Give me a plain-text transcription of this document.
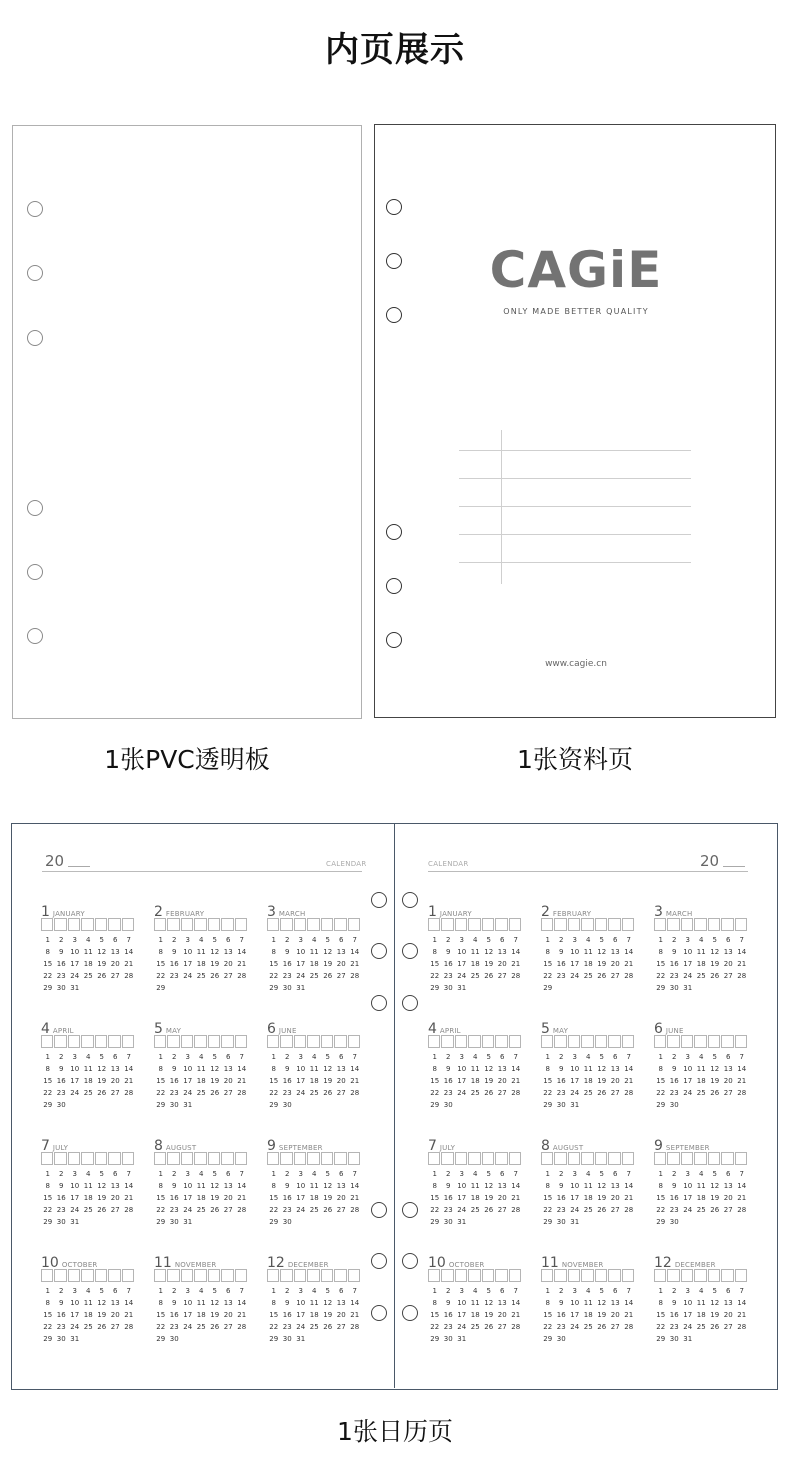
内页展示
1张PVC透明板
CAGiE
ONLY MADE BETTER QUALITY
www.cagie.cn
1张资料页
20	CALENDAR	CALENDAR	20
1 JANUARY
1	2	3	4	5	6	7
8	9 10 11 12 13 14
15 16 17 18 19 20 21
22 23 24 25 26 27 28
29 30 31
2 FEBRUARY
1	2	3	4	5	6	7
8	9 10 11 12 13 14
15 16 17 18 19 20 21
22 23 24 25 26 27 28
29
3 MARCH
1	2	3	4	5	6	7
8	9 10 11 12 13 14
15 16 17 18 19 20 21
22 23 24 25 26 27 28
29 30 31
4 APRIL
1	2	3	4	5	6	7
8	9 10 11 12 13 14
15 16 17 18 19 20 21
22 23 24 25 26 27 28
29 30
5 MAY
1	2	3	4	5	6	7
8	9 10 11 12 13 14
15 16 17 18 19 20 21
22 23 24 25 26 27 28
29 30 31
6 JUNE
1	2	3	4	5	6	7
8	9 10 11 12 13 14
15 16 17 18 19 20 21
22 23 24 25 26 27 28
29 30
7 JULY
1	2	3	4	5	6	7
8	9 10 11 12 13 14
15 16 17 18 19 20 21
22 23 24 25 26 27 28
29 30 31
8 AUGUST
1	2	3	4	5	6	7
8	9 10 11 12 13 14
15 16 17 18 19 20 21
22 23 24 25 26 27 28
29 30 31
9 SEPTEMBER
1	2	3	4	5	6	7
8	9 10 11 12 13 14
15 16 17 18 19 20 21
22 23 24 25 26 27 28
29 30
10 OCTOBER
1	2	3	4	5	6	7
8	9 10 11 12 13 14
15 16 17 18 19 20 21
22 23 24 25 26 27 28
29 30 31
11 NOVEMBER
1	2	3	4	5	6	7
8	9 10 11 12 13 14
15 16 17 18 19 20 21
22 23 24 25 26 27 28
29 30
12 DECEMBER
1	2	3	4	5	6	7
8	9 10 11 12 13 14
15 16 17 18 19 20 21
22 23 24 25 26 27 28
29 30 31
1 JANUARY
1	2	3	4	5	6	7
8	9 10 11 12 13 14
15 16 17 18 19 20 21
22 23 24 25 26 27 28
29 30 31
2 FEBRUARY
1	2	3	4	5	6	7
8	9 10 11 12 13 14
15 16 17 18 19 20 21
22 23 24 25 26 27 28
29
3 MARCH
1	2	3	4	5	6	7
8	9 10 11 12 13 14
15 16 17 18 19 20 21
22 23 24 25 26 27 28
29 30 31
4 APRIL
1	2	3	4	5	6	7
8	9 10 11 12 13 14
15 16 17 18 19 20 21
22 23 24 25 26 27 28
29 30
5 MAY
1	2	3	4	5	6	7
8	9 10 11 12 13 14
15 16 17 18 19 20 21
22 23 24 25 26 27 28
29 30 31
6 JUNE
1	2	3	4	5	6	7
8	9 10 11 12 13 14
15 16 17 18 19 20 21
22 23 24 25 26 27 28
29 30
7 JULY
1	2	3	4	5	6	7
8	9 10 11 12 13 14
15 16 17 18 19 20 21
22 23 24 25 26 27 28
29 30 31
8 AUGUST
1	2	3	4	5	6	7
8	9 10 11 12 13 14
15 16 17 18 19 20 21
22 23 24 25 26 27 28
29 30 31
9 SEPTEMBER
1	2	3	4	5	6	7
8	9 10 11 12 13 14
15 16 17 18 19 20 21
22 23 24 25 26 27 28
29 30
10 OCTOBER
1	2	3	4	5	6	7
8	9 10 11 12 13 14
15 16 17 18 19 20 21
22 23 24 25 26 27 28
29 30 31
11 NOVEMBER
1	2	3	4	5	6	7
8	9 10 11 12 13 14
15 16 17 18 19 20 21
22 23 24 25 26 27 28
29 30
12 DECEMBER
1	2	3	4	5	6	7
8	9 10 11 12 13 14
15 16 17 18 19 20 21
22 23 24 25 26 27 28
29 30 31
1张日历页
